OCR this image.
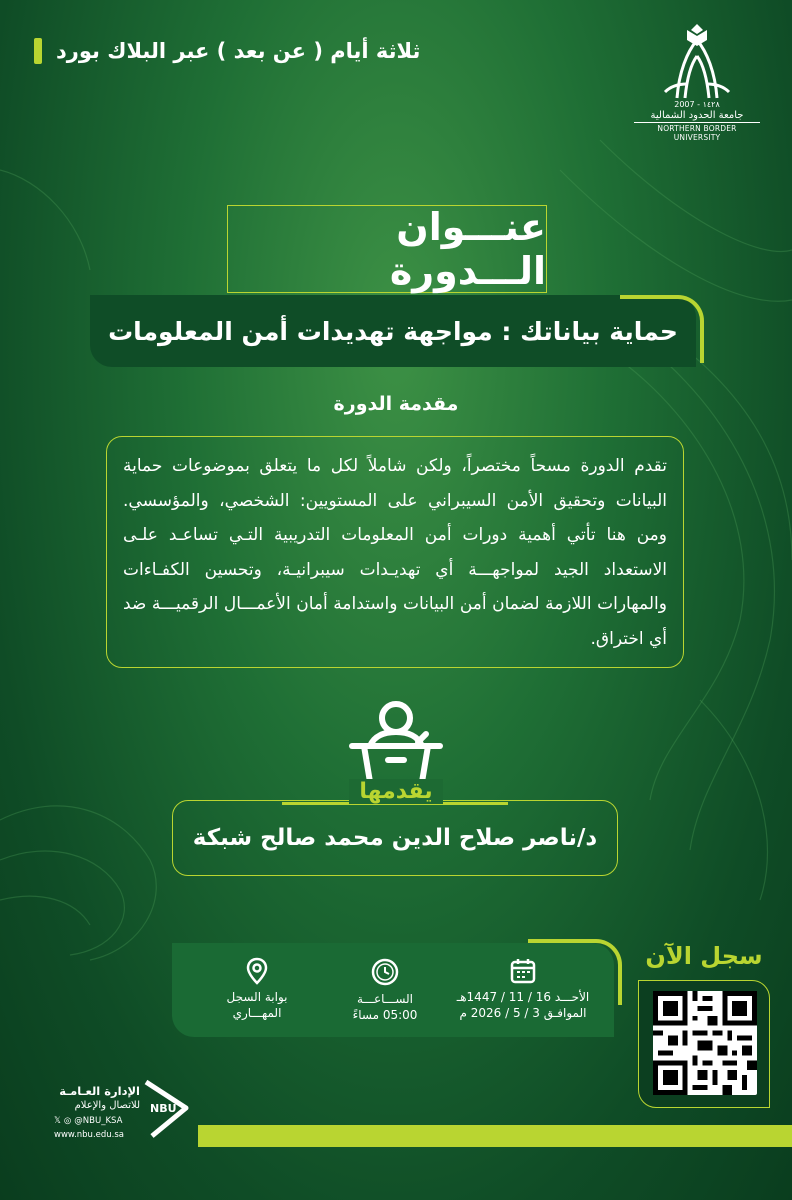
ثلاثة أيام ( عن بعد ) عبر البلاك بورد
2007 - ١٤٢٨
جامعة الحدود الشمالية
NORTHERN BORDER UNIVERSITY
عنـــوان الـــدورة
حماية بياناتك : مواجهة تهديدات أمن المعلومات
مقدمة الدورة

تقدم الدورة مسحاً مختصراً، ولكن شاملاً لكل ما يتعلق بموضوعات حماية البيانات وتحقيق الأمن السيبراني على المستويين: الشخصي، والمؤسسي. ومن هنا تأتي أهمية دورات أمن المعلومات التدريبية التـي تساعـد علـى الاستعداد الجيد لمواجهـــة أي تهديـدات سيبرانيـة، وتحسين الكفـاءات والمهارات اللازمة لضمان أمن البيانات واستدامة أمان الأعمـــال الرقميـــة ضد أي اختراق.

د/ناصر صلاح الدين محمد صالح شبكة
يقدمها
بوابة السجل
المهـــاري
الســـاعـــة
05:00 مساءً
الأحـــد 16 / 11 / 1447هـ
الموافـق 3 / 5 / 2026 م
سجل الآن
الإدارة العـامـة
للاتصال والإعلام
𝕏 ◎ @NBU_KSA
www.nbu.edu.sa
NBU
